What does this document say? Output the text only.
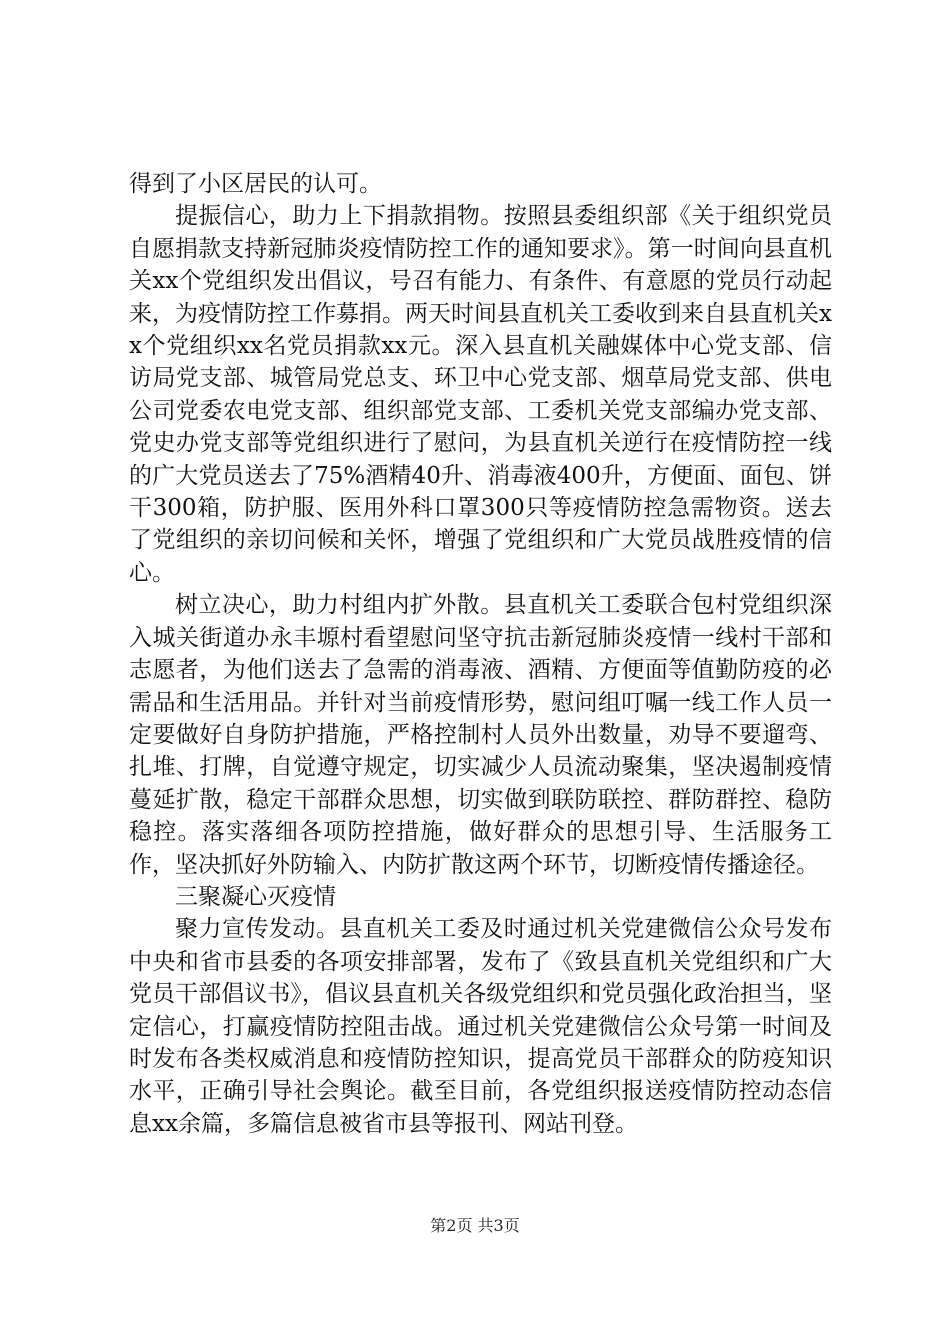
得到了小区居民的认可。

提振信心，助力上下捐款捐物。按照县委组织部《关于组织党员自愿捐款支持新冠肺炎疫情防控工作的通知要求》。第一时间向县直机关xx个党组织发出倡议，号召有能力、有条件、有意愿的党员行动起来，为疫情防控工作募捐。两天时间县直机关工委收到来自县直机关xx个党组织xx名党员捐款xx元。深入县直机关融媒体中心党支部、信访局党支部、城管局党总支、环卫中心党支部、烟草局党支部、供电公司党委农电党支部、组织部党支部、工委机关党支部编办党支部、党史办党支部等党组织进行了慰问，为县直机关逆行在疫情防控一线的广大党员送去了75%酒精40升、消毒液400升，方便面、面包、饼干300箱，防护服、医用外科口罩300只等疫情防控急需物资。送去了党组织的亲切问候和关怀，增强了党组织和广大党员战胜疫情的信心。

树立决心，助力村组内扩外散。县直机关工委联合包村党组织深入城关街道办永丰塬村看望慰问坚守抗击新冠肺炎疫情一线村干部和志愿者，为他们送去了急需的消毒液、酒精、方便面等值勤防疫的必需品和生活用品。并针对当前疫情形势，慰问组叮嘱一线工作人员一定要做好自身防护措施，严格控制村人员外出数量，劝导不要遛弯、扎堆、打牌，自觉遵守规定，切实减少人员流动聚集，坚决遏制疫情蔓延扩散，稳定干部群众思想，切实做到联防联控、群防群控、稳防稳控。落实落细各项防控措施，做好群众的思想引导、生活服务工作，坚决抓好外防输入、内防扩散这两个环节，切断疫情传播途径。

三聚凝心灭疫情

聚力宣传发动。县直机关工委及时通过机关党建微信公众号发布中央和省市县委的各项安排部署，发布了《致县直机关党组织和广大党员干部倡议书》，倡议县直机关各级党组织和党员强化政治担当，坚定信心，打赢疫情防控阻击战。通过机关党建微信公众号第一时间及时发布各类权威消息和疫情防控知识，提高党员干部群众的防疫知识水平，正确引导社会舆论。截至目前，各党组织报送疫情防控动态信息xx余篇，多篇信息被省市县等报刊、网站刊登。

第2页 共3页
